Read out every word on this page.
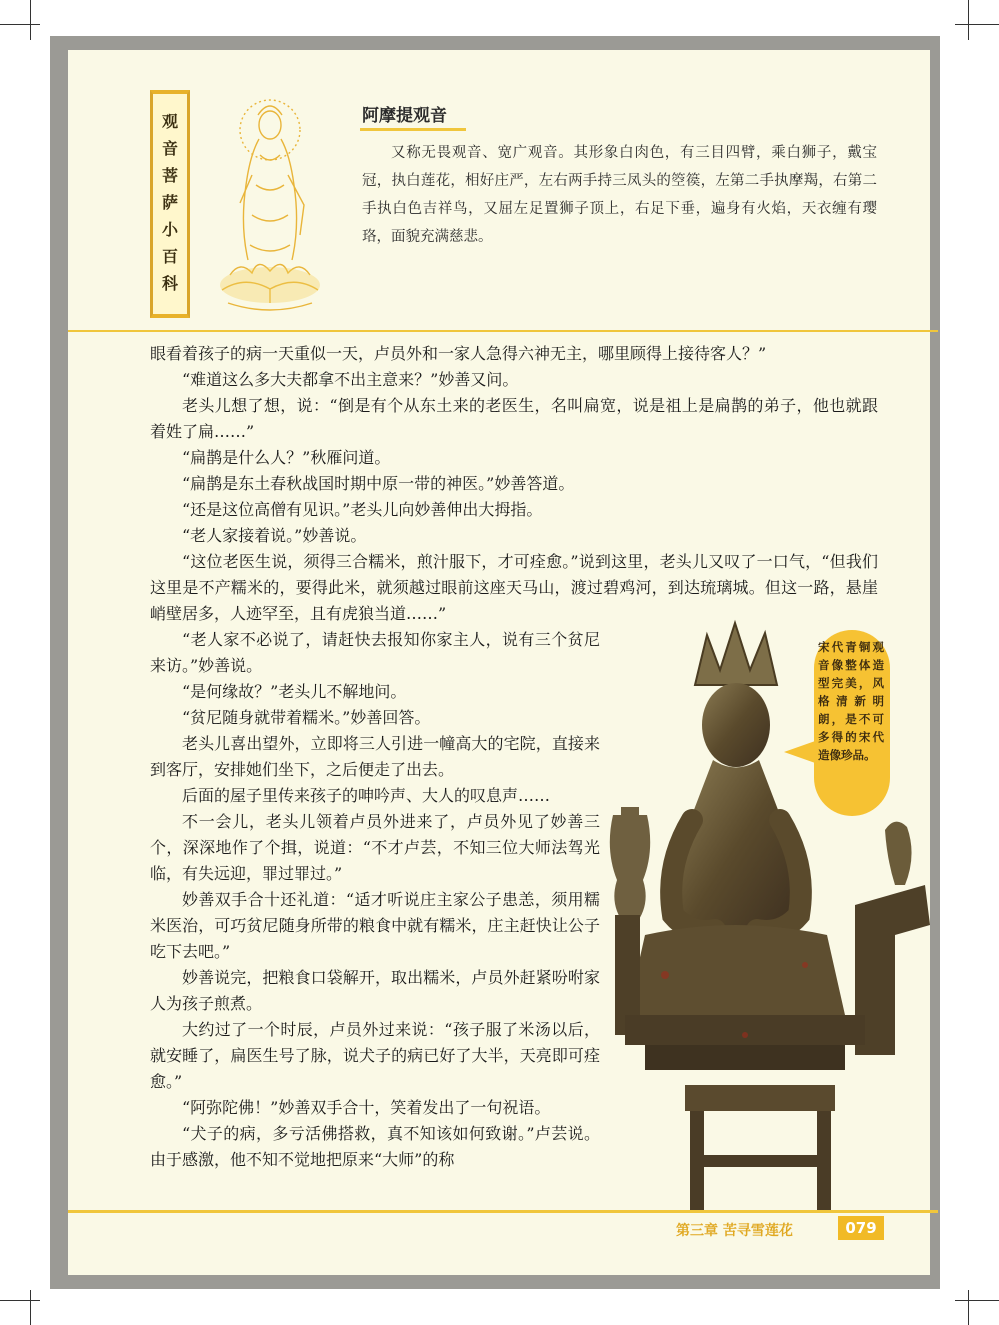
观
音
菩
萨
小
百
科
阿摩提观音

又称无畏观音、宽广观音。其形象白肉色，有三目四臂，乘白狮子，戴宝冠，执白莲花，相好庄严，左右两手持三凤头的箜篌，左第二手执摩羯，右第二手执白色吉祥鸟，又屈左足置狮子顶上，右足下垂，遍身有火焰，天衣缠有璎珞，面貌充满慈悲。

眼看着孩子的病一天重似一天，卢员外和一家人急得六神无主，哪里顾得上接待客人？”

“难道这么多大夫都拿不出主意来？”妙善又问。

老头儿想了想，说：“倒是有个从东土来的老医生，名叫扁宽，说是祖上是扁鹊的弟子，他也就跟着姓了扁……”

“扁鹊是什么人？”秋雁问道。

“扁鹊是东土春秋战国时期中原一带的神医。”妙善答道。

“还是这位高僧有见识。”老头儿向妙善伸出大拇指。

“老人家接着说。”妙善说。

“这位老医生说，须得三合糯米，煎汁服下，才可痊愈。”说到这里，老头儿又叹了一口气，“但我们这里是不产糯米的，要得此米，就须越过眼前这座天马山，渡过碧鸡河，到达琉璃城。但这一路，悬崖峭壁居多，人迹罕至，且有虎狼当道……”

“老人家不必说了，请赶快去报知你家主人，说有三个贫尼来访。”妙善说。

“是何缘故？”老头儿不解地问。

“贫尼随身就带着糯米。”妙善回答。

老头儿喜出望外，立即将三人引进一幢高大的宅院，直接来到客厅，安排她们坐下，之后便走了出去。

后面的屋子里传来孩子的呻吟声、大人的叹息声……

不一会儿，老头儿领着卢员外进来了，卢员外见了妙善三个，深深地作了个揖，说道：“不才卢芸，不知三位大师法驾光临，有失远迎，罪过罪过。”

妙善双手合十还礼道：“适才听说庄主家公子患恙，须用糯米医治，可巧贫尼随身所带的粮食中就有糯米，庄主赶快让公子吃下去吧。”

妙善说完，把粮食口袋解开，取出糯米，卢员外赶紧吩咐家人为孩子煎煮。

大约过了一个时辰，卢员外过来说：“孩子服了米汤以后，就安睡了，扁医生号了脉，说犬子的病已好了大半，天亮即可痊愈。”

“阿弥陀佛！”妙善双手合十，笑着发出了一句祝语。

“犬子的病，多亏活佛搭救，真不知该如何致谢。”卢芸说。由于感激，他不知不觉地把原来“大师”的称

宋代青铜观音像整体造型完美，风格清新明朗，是不可多得的宋代造像珍品。
第三章 苦寻雪莲花	079
